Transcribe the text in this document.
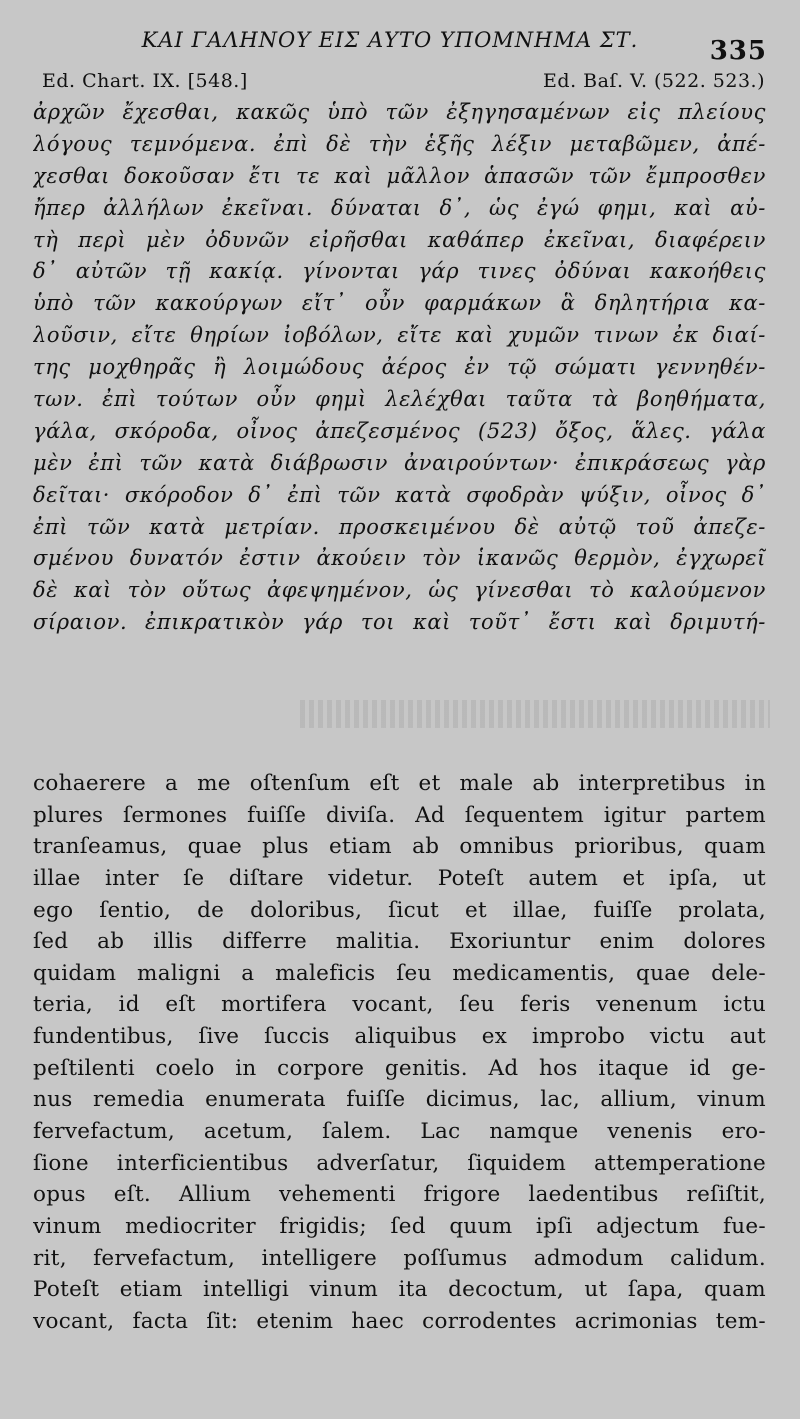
ΚΑΙ ΓΑΛΗΝΟΥ ΕΙΣ ΑΥΤΟ ΥΠΟΜΝΗΜΑ ΣΤ.	335
Ed. Chart. IX. [548.]	Ed. Baſ. V. (522. 523.)
ἀρχῶν ἔχεσθαι, κακῶς ὑπὸ τῶν ἐξηγησαμένων εἰς πλείους
λόγους τεμνόμενα. ἐπὶ δὲ τὴν ἑξῆς λέξιν μεταβῶμεν, ἀπέ-
χεσθαι δοκοῦσαν ἔτι τε καὶ μᾶλλον ἁπασῶν τῶν ἔμπροσθεν
ἤπερ ἀλλήλων ἐκεῖναι. δύναται δ᾽, ὡς ἐγώ φημι, καὶ αὐ-
τὴ περὶ μὲν ὀδυνῶν εἰρῆσθαι καθάπερ ἐκεῖναι, διαφέρειν
δ᾽ αὐτῶν τῇ κακίᾳ. γίνονται γάρ τινες ὀδύναι κακοήθεις
ὑπὸ τῶν κακούργων εἴτ᾽ οὖν φαρμάκων ἃ δηλητήρια κα-
λοῦσιν, εἴτε θηρίων ἰοβόλων, εἴτε καὶ χυμῶν τινων ἐκ διαί-
της μοχθηρᾶς ἢ λοιμώδους ἀέρος ἐν τῷ σώματι γεννηθέν-
των. ἐπὶ τούτων οὖν φημὶ λελέχθαι ταῦτα τὰ βοηθήματα,
γάλα, σκόροδα, οἶνος ἀπεζεσμένος (523) ὄξος, ἅλες. γάλα
μὲν ἐπὶ τῶν κατὰ διάβρωσιν ἀναιρούντων· ἐπικράσεως γὰρ
δεῖται· σκόροδον δ᾽ ἐπὶ τῶν κατὰ σφοδρὰν ψύξιν, οἶνος δ᾽
ἐπὶ τῶν κατὰ μετρίαν. προσκειμένου δὲ αὐτῷ τοῦ ἀπεζε-
σμένου δυνατόν ἐστιν ἀκούειν τὸν ἱκανῶς θερμὸν, ἐγχωρεῖ
δὲ καὶ τὸν οὕτως ἀφεψημένον, ὡς γίνεσθαι τὸ καλούμενον
σίραιον. ἐπικρατικὸν γάρ τοι καὶ τοῦτ᾽ ἔστι καὶ δριμυτή-
cohaerere a me oſtenſum eſt et male ab interpretibus in
plures ſermones fuiſſe diviſa. Ad ſequentem igitur partem
tranſeamus, quae plus etiam ab omnibus prioribus, quam
illae inter ſe diſtare videtur. Poteſt autem et ipſa, ut
ego ſentio, de doloribus, ſicut et illae, fuiſſe prolata,
ſed ab illis differre malitia. Exoriuntur enim dolores
quidam maligni a maleficis ſeu medicamentis, quae dele-
teria, id eſt mortifera vocant, ſeu feris venenum ictu
fundentibus, ſive ſuccis aliquibus ex improbo victu aut
peſtilenti coelo in corpore genitis. Ad hos itaque id ge-
nus remedia enumerata fuiſſe dicimus, lac, allium, vinum
fervefactum, acetum, ſalem. Lac namque venenis ero-
ſione interficientibus adverſatur, ſiquidem attemperatione
opus eſt. Allium vehementi frigore laedentibus reſiſtit,
vinum mediocriter frigidis; ſed quum ipſi adjectum fue-
rit, fervefactum, intelligere poſſumus admodum calidum.
Poteſt etiam intelligi vinum ita decoctum, ut ſapa, quam
vocant, facta ſit: etenim haec corrodentes acrimonias tem-
